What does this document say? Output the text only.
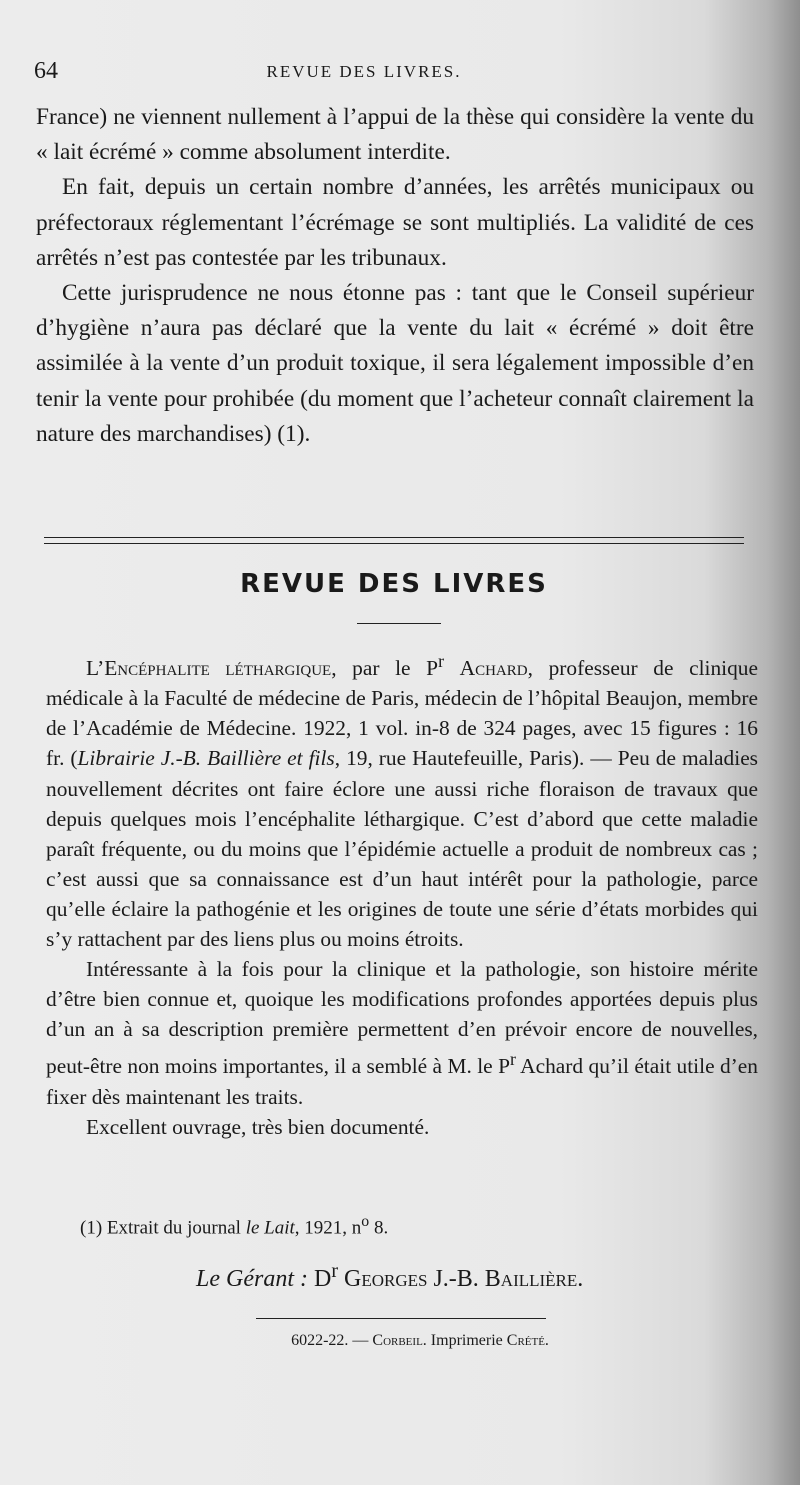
64	REVUE DES LIVRES.

France) ne viennent nullement à l’appui de la thèse qui considère la vente du « lait écrémé » comme absolument interdite.

En fait, depuis un certain nombre d’années, les arrêtés municipaux ou préfectoraux réglementant l’écrémage se sont multipliés. La validité de ces arrêtés n’est pas contestée par les tribunaux.

Cette jurisprudence ne nous étonne pas : tant que le Conseil supérieur d’hygiène n’aura pas déclaré que la vente du lait « écrémé » doit être assimilée à la vente d’un produit toxique, il sera légalement impossible d’en tenir la vente pour prohibée (du moment que l’acheteur connaît clairement la nature des marchandises) (1).

REVUE DES LIVRES

L’Encéphalite léthargique, par le $P^r$ Achard, professeur de clinique médicale à la Faculté de médecine de Paris, médecin de l’hôpital Beaujon, membre de l’Académie de Médecine. 1922, 1 vol. in-8 de 324 pages, avec 15 figures : 16 fr. (Librairie J.-B. Baillière et fils, 19, rue Hautefeuille, Paris). — Peu de maladies nouvellement décrites ont faire éclore une aussi riche floraison de travaux que depuis quelques mois l’encéphalite léthargique. C’est d’abord que cette maladie paraît fréquente, ou du moins que l’épidémie actuelle a produit de nombreux cas ; c’est aussi que sa connaissance est d’un haut intérêt pour la pathologie, parce qu’elle éclaire la pathogénie et les origines de toute une série d’états morbides qui s’y rattachent par des liens plus ou moins étroits.

Intéressante à la fois pour la clinique et la pathologie, son histoire mérite d’être bien connue et, quoique les modifications profondes apportées depuis plus d’un an à sa description première permettent d’en prévoir encore de nouvelles, peut-être non moins importantes, il a semblé à M. le $P^r$ Achard qu’il était utile d’en fixer dès maintenant les traits.

Excellent ouvrage, très bien documenté.

(1) Extrait du journal le Lait, 1921, $n^o$ 8.
Le Gérant : $D^r$ Georges J.-B. Baillière.
6022-22. — Corbeil. Imprimerie Crété.
